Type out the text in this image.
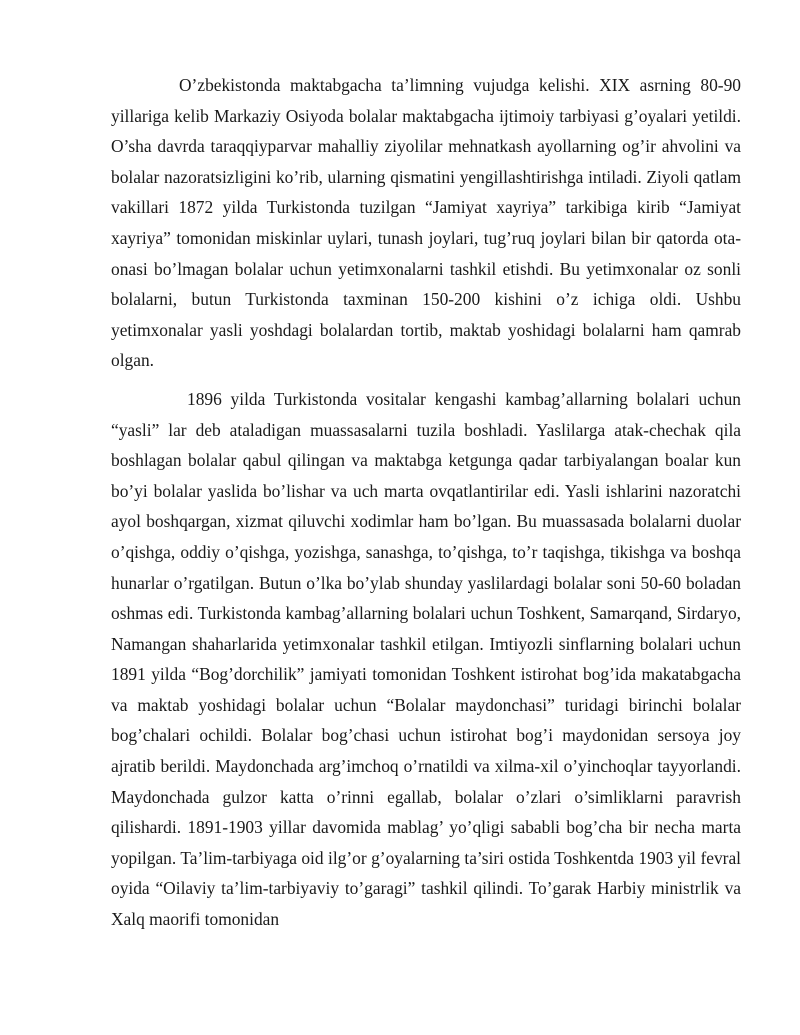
O’zbekistonda maktabgacha ta’limning vujudga kelishi. XIX asrning 80-90 yillariga kelib Markaziy Osiyoda bolalar maktabgacha ijtimoiy tarbiyasi g’oyalari yetildi. O’sha davrda taraqqiyparvar mahalliy ziyolilar mehnatkash ayollarning og’ir ahvolini va bolalar nazoratsizligini ko’rib, ularning qismatini yengillashtirishga intiladi. Ziyoli qatlam vakillari 1872 yilda Turkistonda tuzilgan “Jamiyat xayriya” tarkibiga kirib “Jamiyat xayriya” tomonidan miskinlar uylari, tunash joylari, tug’ruq joylari bilan bir qatorda ota-onasi bo’lmagan bolalar uchun yetimxonalarni tashkil etishdi. Bu yetimxonalar oz sonli bolalarni, butun Turkistonda taxminan 150-200 kishini o’z ichiga oldi. Ushbu yetimxonalar yasli yoshdagi bolalardan tortib, maktab yoshidagi bolalarni ham qamrab olgan.

1896 yilda Turkistonda vositalar kengashi kambag’allarning bolalari uchun “yasli” lar deb ataladigan muassasalarni tuzila boshladi. Yaslilarga atak-chechak qila boshlagan bolalar qabul qilingan va maktabga ketgunga qadar tarbiyalangan boalar kun bo’yi bolalar yaslida bo’lishar va uch marta ovqatlantirilar edi. Yasli ishlarini nazoratchi ayol boshqargan, xizmat qiluvchi xodimlar ham bo’lgan. Bu muassasada bolalarni duolar o’qishga, oddiy o’qishga, yozishga, sanashga, to’qishga, to’r taqishga, tikishga va boshqa hunarlar o’rgatilgan. Butun o’lka bo’ylab shunday yaslilardagi bolalar soni 50-60 boladan oshmas edi. Turkistonda kambag’allarning bolalari uchun Toshkent, Samarqand, Sirdaryo, Namangan shaharlarida yetimxonalar tashkil etilgan. Imtiyozli sinflarning bolalari uchun 1891 yilda “Bog’dorchilik” jamiyati tomonidan Toshkent istirohat bog’ida makatabgacha va maktab yoshidagi bolalar uchun “Bolalar maydonchasi” turidagi birinchi bolalar bog’chalari ochildi. Bolalar bog’chasi uchun istirohat bog’i maydonidan sersoya joy ajratib berildi. Maydonchada arg’imchoq o’rnatildi va xilma-xil o’yinchoqlar tayyorlandi. Maydonchada gulzor katta o’rinni egallab, bolalar o’zlari o’simliklarni paravrish qilishardi. 1891-1903 yillar davomida mablag’ yo’qligi sababli bog’cha bir necha marta yopilgan. Ta’lim-tarbiyaga oid ilg’or g’oyalarning ta’siri ostida Toshkentda 1903 yil fevral oyida “Oilaviy ta’lim-tarbiyaviy to’garagi” tashkil qilindi. To’garak Harbiy ministrlik va Xalq maorifi tomonidan
